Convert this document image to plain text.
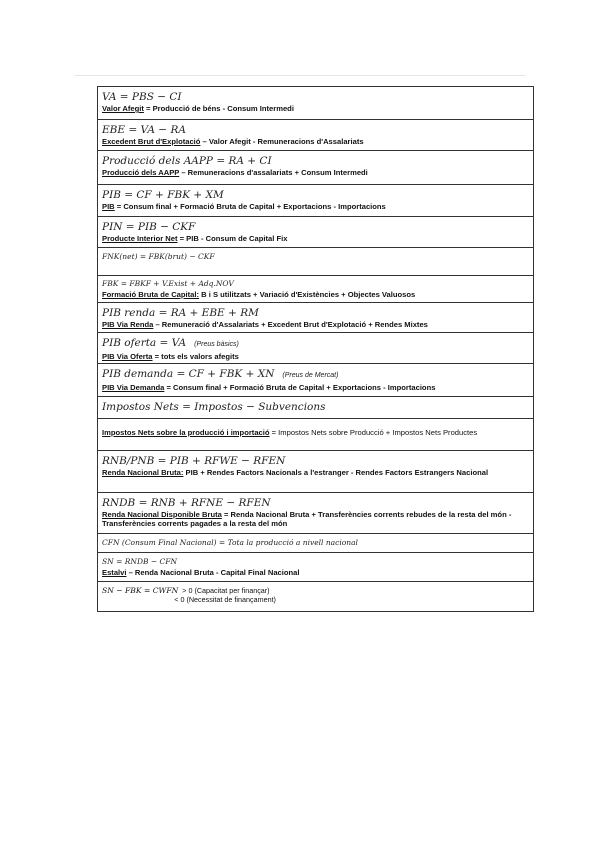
VA = PBS − CI
Valor Afegit = Producció de béns - Consum Intermedi
EBE = VA − RA
Excedent Brut d'Explotació – Valor Afegit - Remuneracions d'Assalariats
Producció dels AAPP = RA + CI
Producció dels AAPP – Remuneracions d'assalariats + Consum Intermedi
PIB = CF + FBK + XM
PIB = Consum final + Formació Bruta de Capital + Exportacions - Importacions
PIN = PIB − CKF
Producte Interior Net = PIB - Consum de Capital Fix
FNK(net) = FBK(brut) − CKF
FBK = FBKF + V.Exist + Adq.NOV
Formació Bruta de Capital: B i S utilitzats + Variació d'Existències + Objectes Valuosos
PIB renda = RA + EBE + RM
PIB Via Renda – Remuneració d'Assalariats + Excedent Brut d'Explotació + Rendes Mixtes
PIB oferta = VA (Preus bàsics)
PIB Via Oferta = tots els valors afegits
PIB demanda = CF + FBK + XN (Preus de Mercat)
PIB Via Demanda = Consum final + Formació Bruta de Capital + Exportacions - Importacions
Impostos Nets = Impostos − Subvencions
Impostos Nets sobre la producció i importació = Impostos Nets sobre Producció + Impostos Nets Productes
RNB/PNB = PIB + RFWE − RFEN
Renda Nacional Bruta: PIB + Rendes Factors Nacionals a l'estranger - Rendes Factors Estrangers Nacional
RNDB = RNB + RFNE − RFEN
Renda Nacional Disponible Bruta = Renda Nacional Bruta + Transferències corrents rebudes de la resta del món - Transferències corrents pagades a la resta del món
CFN (Consum Final Nacional) = Tota la producció a nivell nacional
SN = RNDB − CFN
Estalvi – Renda Nacional Bruta - Capital Final Nacional
SN − FBK = CWFN > 0 (Capacitat per finançar)
< 0 (Necessitat de finançament)
